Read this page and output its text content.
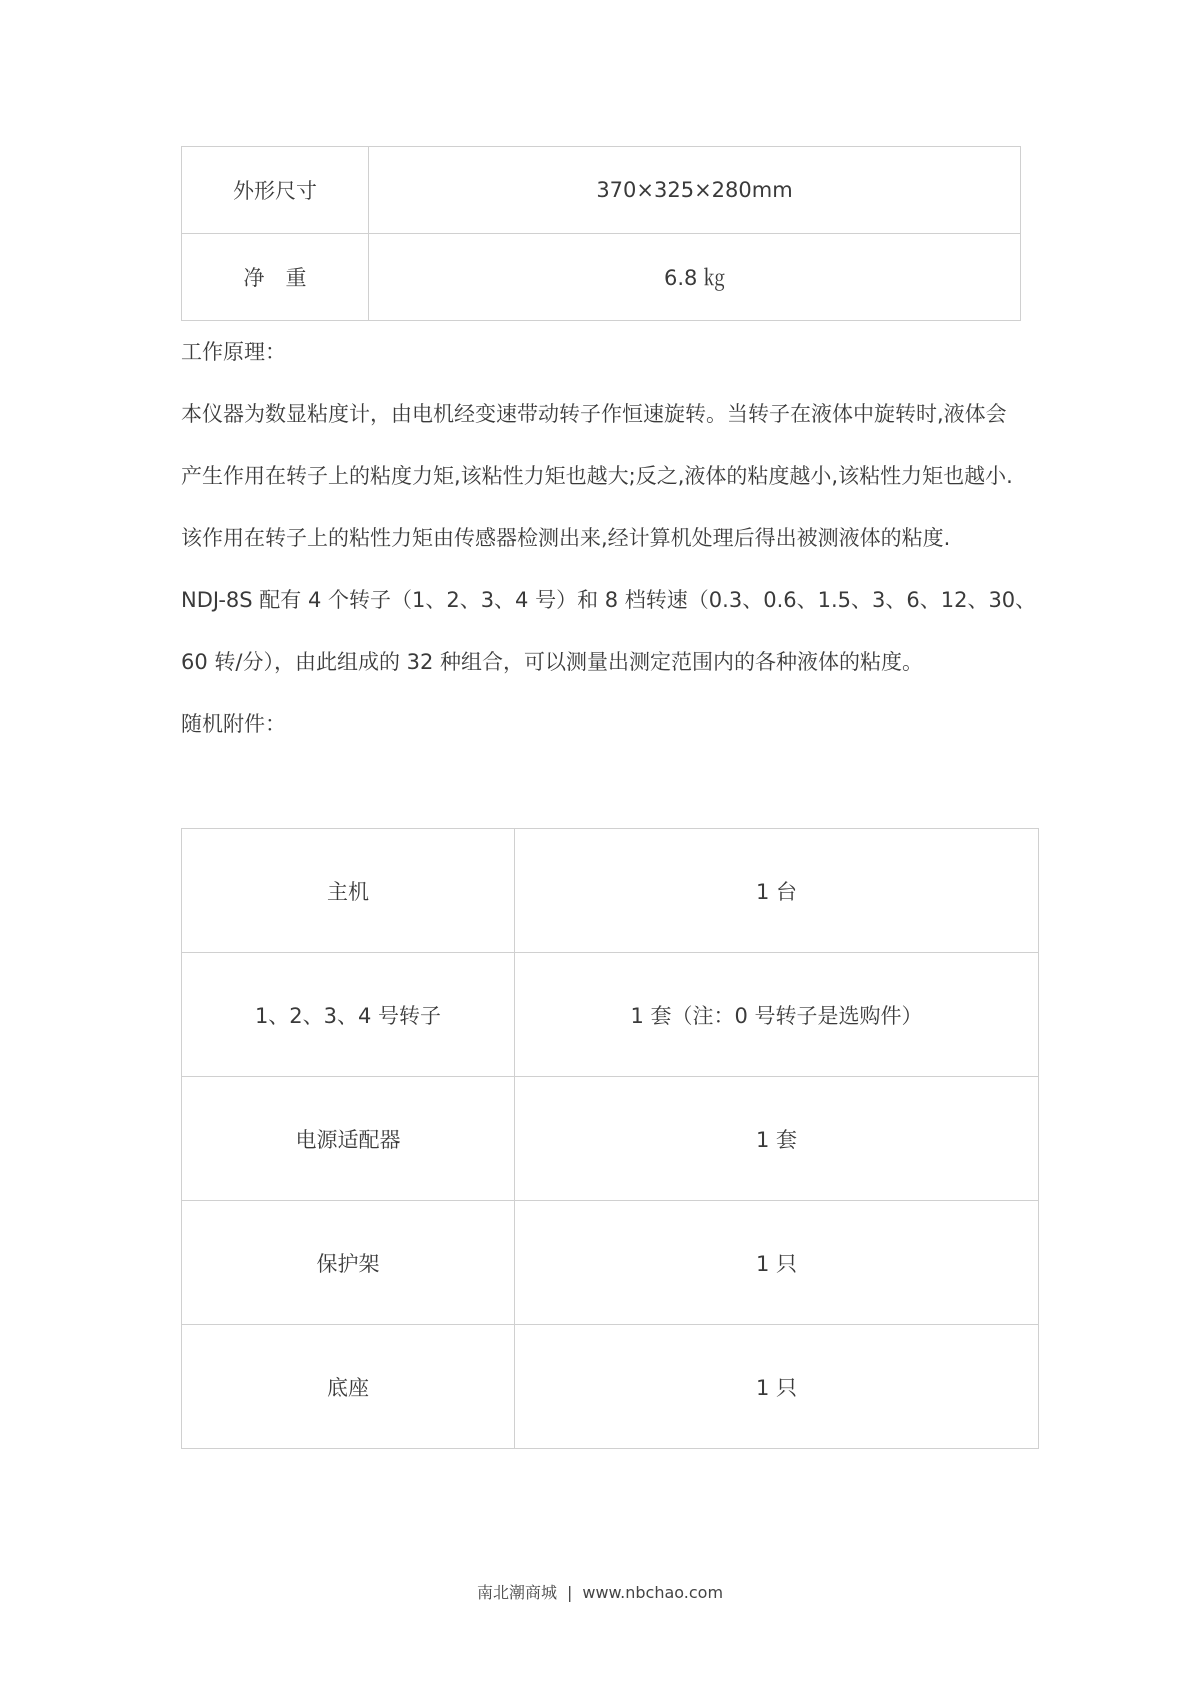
外形尺寸	370×325×280mm
净　重	6.8 ㎏

工作原理：

本仪器为数显粘度计，由电机经变速带动转子作恒速旋转。当转子在液体中旋转时,液体会

产生作用在转子上的粘度力矩,该粘性力矩也越大;反之,液体的粘度越小,该粘性力矩也越小.

该作用在转子上的粘性力矩由传感器检测出来,经计算机处理后得出被测液体的粘度.

NDJ-8S 配有 4 个转子（1、2、3、4 号）和 8 档转速（0.3、0.6、1.5、3、6、12、30、

60 转/分），由此组成的 32 种组合，可以测量出测定范围内的各种液体的粘度。

随机附件：

主机	1 台
1、2、3、4 号转子	1 套（注：0 号转子是选购件）
电源适配器	1 套
保护架	1 只
底座	1 只
南北潮商城 | www.nbchao.com
